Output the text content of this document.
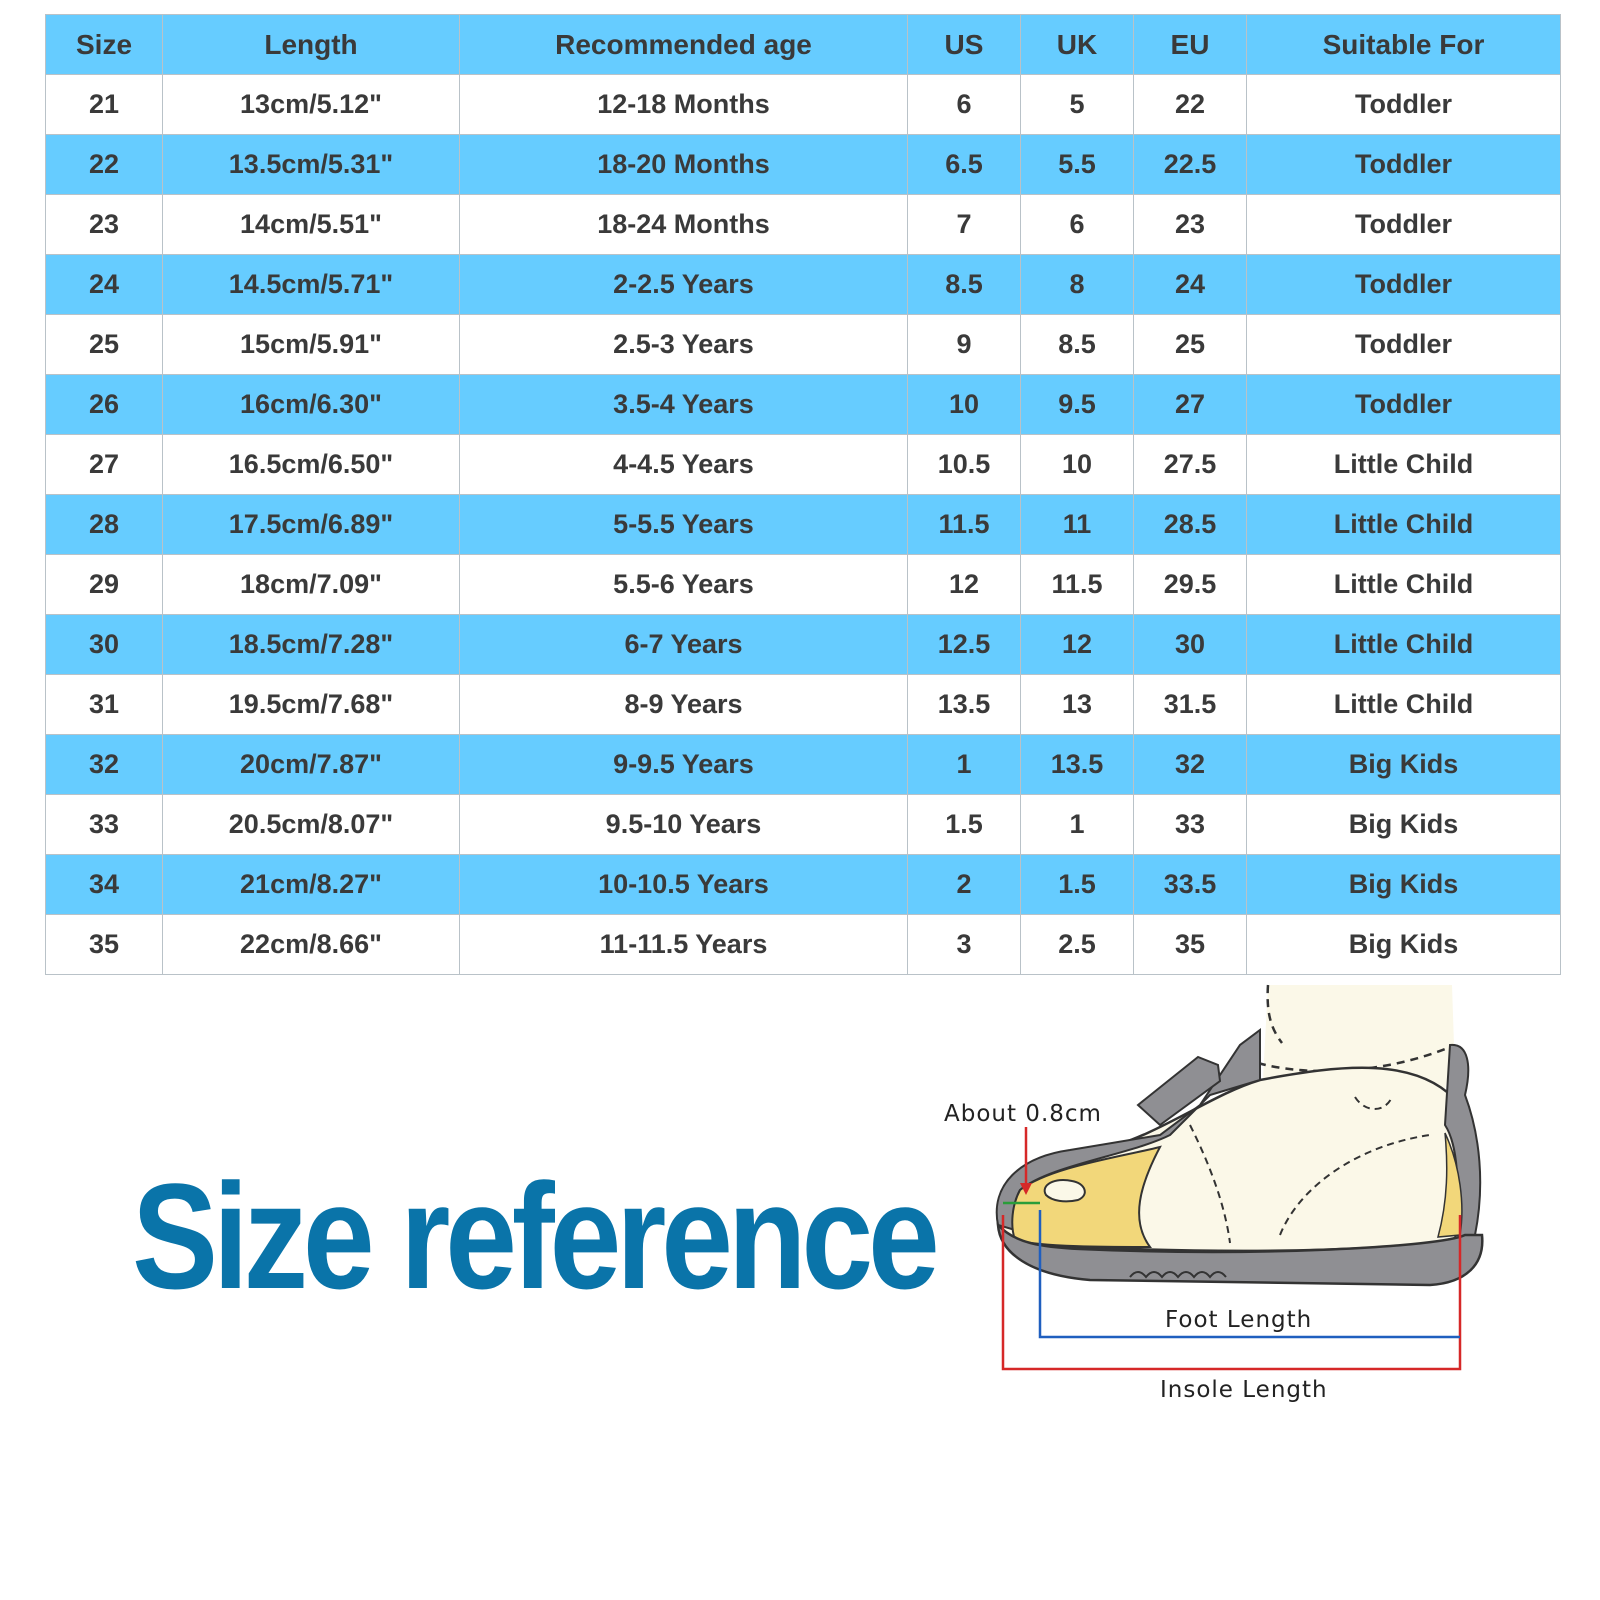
Size	Length	Recommended age	US	UK	EU	Suitable For
21	13cm/5.12"	12-18 Months	6	5	22	Toddler
22	13.5cm/5.31"	18-20 Months	6.5	5.5	22.5	Toddler
23	14cm/5.51"	18-24 Months	7	6	23	Toddler
24	14.5cm/5.71"	2-2.5 Years	8.5	8	24	Toddler
25	15cm/5.91"	2.5-3 Years	9	8.5	25	Toddler
26	16cm/6.30"	3.5-4 Years	10	9.5	27	Toddler
27	16.5cm/6.50"	4-4.5 Years	10.5	10	27.5	Little Child
28	17.5cm/6.89"	5-5.5 Years	11.5	11	28.5	Little Child
29	18cm/7.09"	5.5-6 Years	12	11.5	29.5	Little Child
30	18.5cm/7.28"	6-7 Years	12.5	12	30	Little Child
31	19.5cm/7.68"	8-9 Years	13.5	13	31.5	Little Child
32	20cm/7.87"	9-9.5 Years	1	13.5	32	Big Kids
33	20.5cm/8.07"	9.5-10 Years	1.5	1	33	Big Kids
34	21cm/8.27"	10-10.5 Years	2	1.5	33.5	Big Kids
35	22cm/8.66"	11-11.5 Years	3	2.5	35	Big Kids
Size reference
About 0.8cm
Foot Length
Insole Length
